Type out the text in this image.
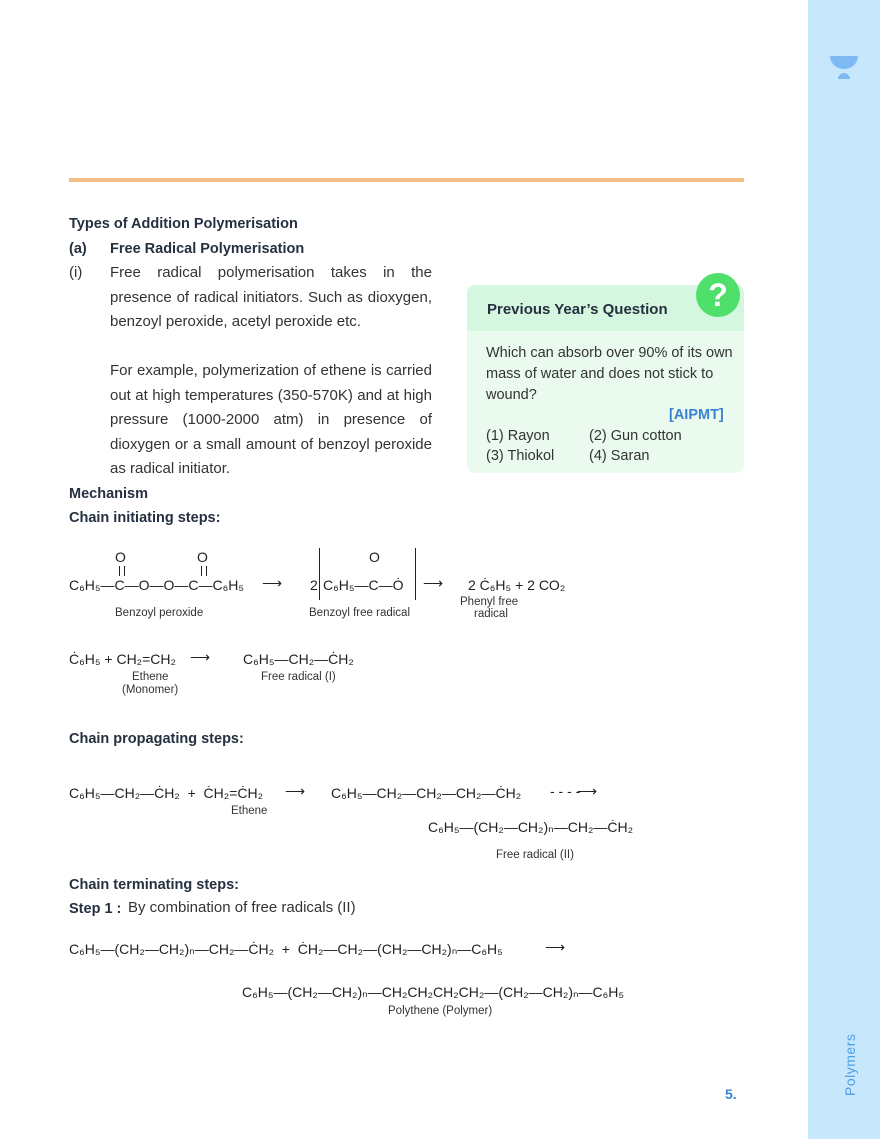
Polymers
Types of Addition Polymerisation
(a) Free Radical Polymerisation
(i) Free radical polymerisation takes in the presence of radical initiators. Such as dioxygen, benzoyl peroxide, acetyl peroxide etc.
For example, polymerization of ethene is carried out at high temperatures (350-570K) and at high pressure (1000-2000 atm) in presence of dioxygen or a small amount of benzoyl peroxide as radical initiator.
Mechanism
Chain initiating steps:
Previous Year’s Question	?
Which can absorb over 90% of its own mass of water and does not stick to wound?
[AIPMT]
(1) Rayon	(2) Gun cotton
(3) Thiokol (4) Saran
O	O
C₆H₅—C—O—O—C—C₆H₅
Benzoyl peroxide
⟶ 2
O
C₆H₅—C—Ȯ
Benzoyl free radical
⟶ 2 Ċ₆H₅ + 2 CO₂
Phenyl free
radical
Ċ₆H₅ + CH₂=CH₂ ⟶
Ethene
(Monomer)
C₆H₅—CH₂—ĊH₂
Free radical (I)
Chain propagating steps:
C₆H₅—CH₂—ĊH₂  +  ĊH₂=ĊH₂
Ethene
⟶ C₆H₅—CH₂—CH₂—CH₂—ĊH₂ - - - -
⟶
C₆H₅—(CH₂—CH₂)ₙ—CH₂—ĊH₂
Free radical (II)
Chain terminating steps:
Step 1 : By combination of free radicals (II)
C₆H₅—(CH₂—CH₂)ₙ—CH₂—ĊH₂  +  ĊH₂—CH₂—(CH₂—CH₂)ₙ—C₆H₅	⟶
C₆H₅—(CH₂—CH₂)ₙ—CH₂CH₂CH₂CH₂—(CH₂—CH₂)ₙ—C₆H₅
Polythene (Polymer)
5.
